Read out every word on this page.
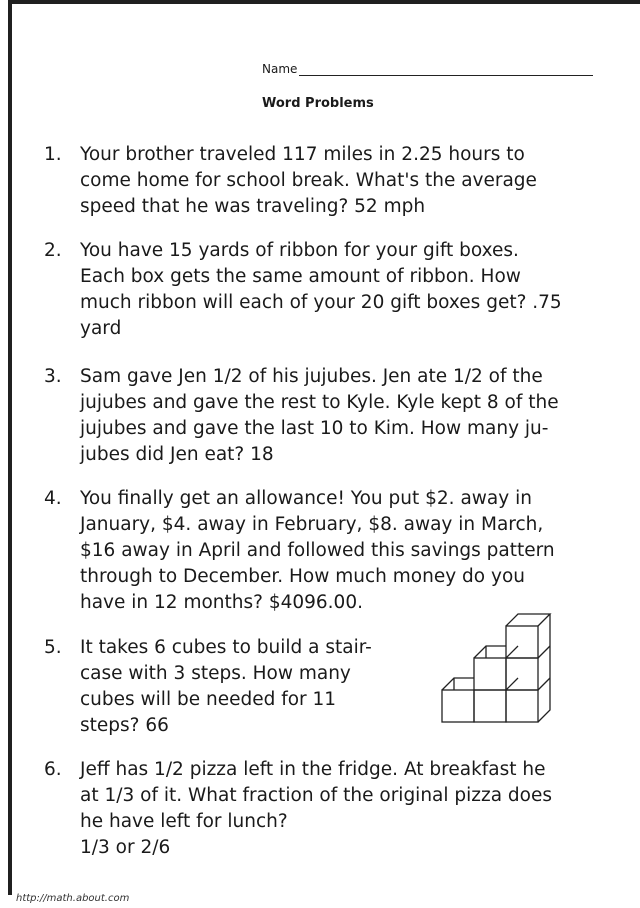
Name
Word Problems
1. Your brother traveled 117 miles in 2.25 hours to
come home for school break. What's the average
speed that he was traveling? 52 mph
2. You have 15 yards of ribbon for your gift boxes.
Each box gets the same amount of ribbon. How
much ribbon will each of your 20 gift boxes get? .75
yard
3. Sam gave Jen 1/2 of his jujubes. Jen ate 1/2 of the
jujubes and gave the rest to Kyle. Kyle kept 8 of the
jujubes and gave the last 10 to Kim. How many ju-
jubes did Jen eat? 18
4. You finally get an allowance! You put $2. away in
January, $4. away in February, $8. away in March,
$16 away in April and followed this savings pattern
through to December. How much money do you
have in 12 months? $4096.00.
5. It takes 6 cubes to build a stair-
case with 3 steps. How many
cubes will be needed for 11
steps? 66
6. Jeff has 1/2 pizza left in the fridge. At breakfast he
at 1/3 of it. What fraction of the original pizza does
he have left for lunch?
1/3 or 2/6
http://math.about.com
